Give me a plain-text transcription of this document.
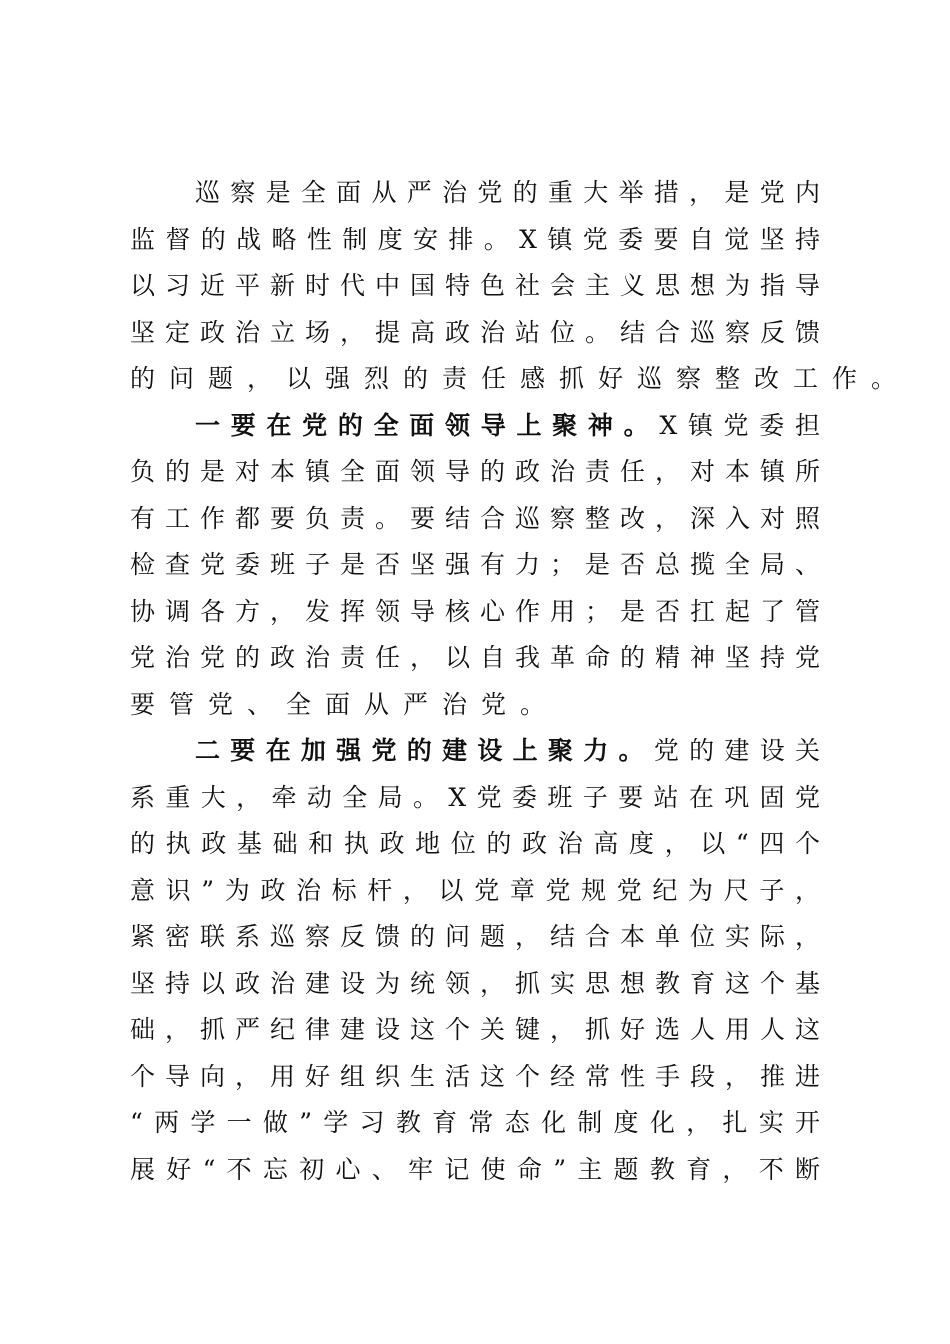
巡察是全面从严治党的重大举措，是党内
监督的战略性制度安排。X镇党委要自觉坚持
以习近平新时代中国特色社会主义思想为指导
坚定政治立场，提高政治站位。结合巡察反馈
的问题，以强烈的责任感抓好巡察整改工作。
一要在党的全面领导上聚神。X镇党委担
负的是对本镇全面领导的政治责任，对本镇所
有工作都要负责。要结合巡察整改，深入对照
检查党委班子是否坚强有力；是否总揽全局、
协调各方，发挥领导核心作用；是否扛起了管
党治党的政治责任，以自我革命的精神坚持党
要管党、全面从严治党。
二要在加强党的建设上聚力。党的建设关
系重大，牵动全局。X党委班子要站在巩固党
的执政基础和执政地位的政治高度，以“四个
意识”为政治标杆，以党章党规党纪为尺子，
紧密联系巡察反馈的问题，结合本单位实际，
坚持以政治建设为统领，抓实思想教育这个基
础，抓严纪律建设这个关键，抓好选人用人这
个导向，用好组织生活这个经常性手段，推进
“两学一做”学习教育常态化制度化，扎实开
展好“不忘初心、牢记使命”主题教育，不断
